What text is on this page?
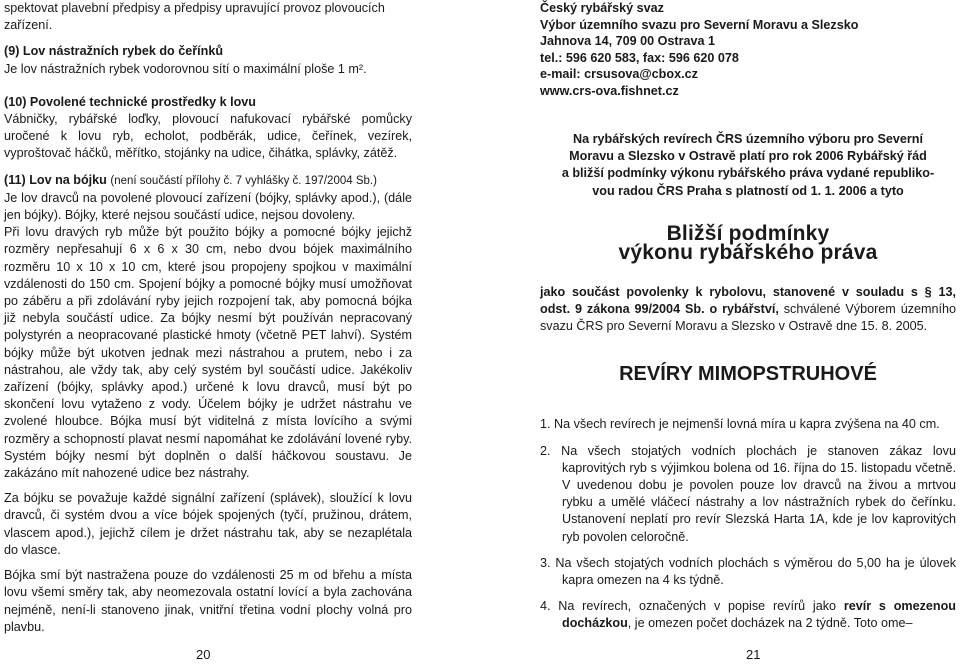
spektovat plavební předpisy a předpisy upravující provoz plovoucích

zařízení.

(9) Lov nástražních rybek do čeřínků

Je lov nástražních rybek vodorovnou sítí o maximální ploše 1 m².

(10) Povolené technické prostředky k lovu

Vábničky, rybářské loďky, plovoucí nafukovací rybářské pomůcky uročené k lovu ryb, echolot, podběrák, udice, čeřínek, vezírek, vyproštovač háčků, měřítko, stojánky na udice, čihátka, splávky, zátěž.

(11) Lov na bójku (není součástí přílohy č. 7 vyhlášky č. 197/2004 Sb.)

Je lov dravců na povolené plovoucí zařízení (bójky, splávky apod.), (dále jen bójky). Bójky, které nejsou součástí udice, nejsou dovoleny.

Při lovu dravých ryb může být použito bójky a pomocné bójky jejichž rozměry nepřesahují 6 x 6 x 30 cm, nebo dvou bójek maximálního rozměru 10 x 10 x 10 cm, které jsou propojeny spojkou v maximální vzdálenosti do 150 cm. Spojení bójky a pomocné bójky musí umožňovat po záběru a při zdolávání ryby jejich rozpojení tak, aby pomocná bójka již nebyla součástí udice. Za bójky nesmí být používán nepracovaný polystyrén a neopracované plastické hmoty (včetně PET lahví). Systém bójky může být ukotven jednak mezi nástrahou a prutem, nebo i za nástrahou, ale vždy tak, aby celý systém byl součástí udice. Jakékoliv zařízení (bójky, splávky apod.) určené k lovu dravců, musí být po skončení lovu vytaženo z vody. Účelem bójky je udržet nástrahu ve zvolené hloubce. Bójka musí být viditelná z místa lovícího a svými rozměry a schopností plavat nesmí napomáhat ke zdolávání lovené ryby. Systém bójky nesmí být doplněn o další háčkovou soustavu. Je zakázáno mít nahozené udice bez nástrahy.

Za bójku se považuje každé signální zařízení (splávek), sloužící k lovu dravců, či systém dvou a více bójek spojených (tyčí, pružinou, drátem, vlascem apod.), jejichž cílem je držet nástrahu tak, aby se nezaplétala do vlasce.

Bójka smí být nastražena pouze do vzdálenosti 25 m od břehu a místa lovu všemi směry tak, aby neomezovala ostatní lovící a byla zachována nejméně, není-li stanoveno jinak, vnitřní třetina vodní plochy volná pro plavbu.

20

Český rybářský svaz

Výbor územního svazu pro Severní Moravu a Slezsko

Jahnova 14, 709 00 Ostrava 1

tel.: 596 620 583, fax: 596 620 078

e-mail: crsusova@cbox.cz

www.crs-ova.fishnet.cz

Na rybářských revírech ČRS územního výboru pro Severní

Moravu a Slezsko v Ostravě platí pro rok 2006 Rybářský řád

a bližší podmínky výkonu rybářského práva vydané republiko-

vou radou ČRS Praha s platností od 1. 1. 2006 a tyto

Bližší podmínky

výkonu rybářského práva

jako součást povolenky k rybolovu, stanovené v souladu s § 13, odst. 9 zákona 99/2004 Sb. o rybářství, schválené Výborem územního svazu ČRS pro Severní Moravu a Slezsko v Ostravě dne 15. 8. 2005.

REVÍRY MIMOPSTRUHOVÉ

1. Na všech revírech je nejmenší lovná míra u kapra zvýšena na 40 cm.
2. Na všech stojatých vodních plochách je stanoven zákaz lovu kaprovitých ryb s výjimkou bolena od 16. října do 15. listopadu včetně. V uvedenou dobu je povolen pouze lov dravců na živou a mrtvou rybku a umělé vláčecí nástrahy a lov nástražních rybek do čeřínku. Ustanovení neplatí pro revír Slezská Harta 1A, kde je lov kaprovitých ryb povolen celoročně.
3. Na všech stojatých vodních plochách s výměrou do 5,00 ha je úlovek kapra omezen na 4 ks týdně.
4. Na revírech, označených v popise revírů jako revír s omezenou docházkou, je omezen počet docházek na 2 týdně. Toto ome–
21
